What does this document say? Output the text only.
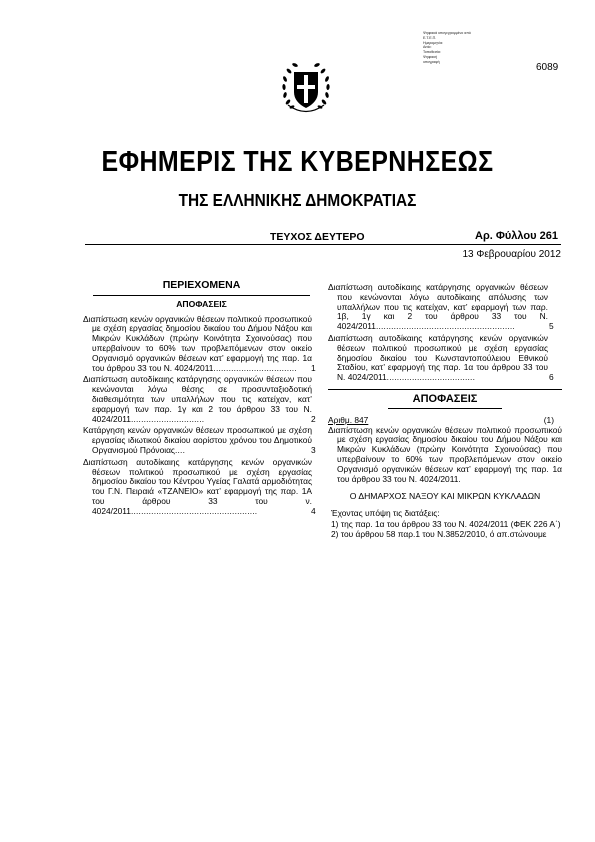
Ψηφιακά υπογεγραμμένο από
Ε.Τ.Ε.Π.
Ημερομηνία:
Αιτία:
Τοποθεσία:
Ψηφιακή
υπογραφή
6089
ΕΦΗΜΕΡΙΣ ΤΗΣ ΚΥΒΕΡΝΗΣΕΩΣ
ΤΗΣ ΕΛΛΗΝΙΚΗΣ ΔΗΜΟΚΡΑΤΙΑΣ
ΤΕΥΧΟΣ ΔΕΥΤΕΡΟ	Αρ. Φύλλου 261
13 Φεβρουαρίου 2012
ΠΕΡΙΕΧΟΜΕΝΑ
ΑΠΟΦΑΣΕΙΣ
Διαπίστωση κενών οργανικών θέσεων πολιτικού προσωπικού με σχέση εργασίας δημοσίου δικαίου του Δήμου Νάξου και Μικρών Κυκλάδων (πρώην Κοινότητα Σχοινούσας) που υπερβαίνουν το 60% των προβλεπόμενων στον οικείο Οργανισμό οργανικών θέσεων κατ’ εφαρμογή της παρ. 1α του άρθρου 33 του Ν. 4024/2011................................. 1
Διαπίστωση αυτοδίκαιης κατάργησης οργανικών θέσεων που κενώνονται λόγω θέσης σε προσυνταξιοδοτική διαθεσιμότητα των υπαλλήλων που τις κατείχαν, κατ’ εφαρμογή των παρ. 1γ και 2 του άρθρου 33 του Ν. 4024/2011.............................	2
Κατάργηση κενών οργανικών θέσεων προσωπικού με σχέση εργασίας ιδιωτικού δικαίου αορίστου χρόνου του Δημοτικού Οργανισμού Πρόνοιας....	3
Διαπίστωση αυτοδίκαιης κατάργησης κενών οργανικών θέσεων πολιτικού προσωπικού με σχέση εργασίας δημοσίου δικαίου του Κέντρου Υγείας Γαλατά αρμοδιότητας του Γ.Ν. Πειραιά «ΤΖΑΝΕΙΟ» κατ’ εφαρμογή της παρ. 1Α του άρθρου 33 του ν. 4024/2011..................................................	4
Διαπίστωση αυτοδίκαιης κατάργησης οργανικών θέσεων που κενώνονται λόγω αυτοδίκαιης απόλυσης των υπαλλήλων που τις κατείχαν, κατ’ εφαρμογή των παρ. 1β, 1γ και 2 του άρθρου 33 του Ν. 4024/2011.......................................................	5
Διαπίστωση αυτοδίκαιης κατάργησης κενών οργανικών θέσεων πολιτικού προσωπικού με σχέση εργασίας δημοσίου δικαίου του Κωνσταντοπούλειου Εθνικού Σταδίου, κατ’ εφαρμογή της παρ. 1α του άρθρου 33 του Ν. 4024/2011...................................	6
ΑΠΟΦΑΣΕΙΣ
Αριθμ. 847	(1)
Διαπίστωση κενών οργανικών θέσεων πολιτικού προσωπικού με σχέση εργασίας δημοσίου δικαίου του Δήμου Νάξου και Μικρών Κυκλάδων (πρώην Κοινότητα Σχοινούσας) που υπερβαίνουν το 60% των προβλεπόμενων στον οικείο Οργανισμό οργανικών θέσεων κατ’ εφαρμογή της παρ. 1α του άρθρου 33 του Ν. 4024/2011.
Ο ΔΗΜΑΡΧΟΣ ΝΑΞΟΥ ΚΑΙ ΜΙΚΡΩΝ ΚΥΚΛΑΔΩΝ
Έχοντας υπόψη τις διατάξεις:
1) της παρ. 1α του άρθρου 33 του Ν. 4024/2011 (ΦΕΚ 226 Α΄)
2) του άρθρου 58 παρ.1 του Ν.3852/2010, ό απ.στώνουμε
